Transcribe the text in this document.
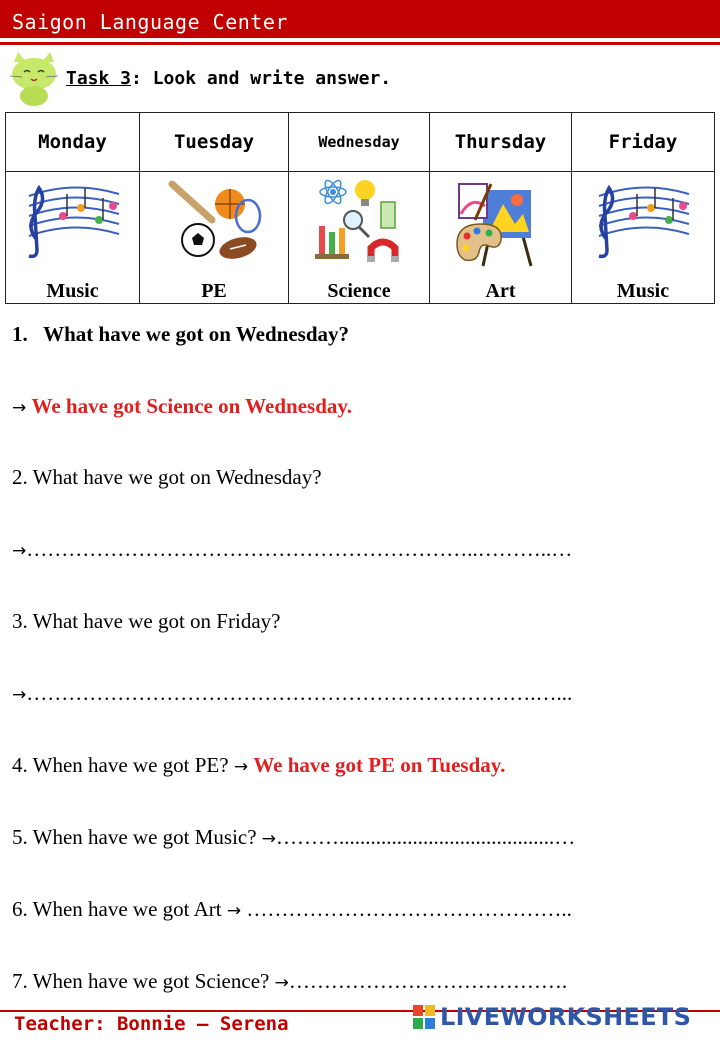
Saigon Language Center
Task 3: Look and write answer.
Monday	Tuesday	Wednesday	Thursday	Friday

Music	PE	Science	Art	Music
1. What have we got on Wednesday?
→ We have got Science on Wednesday.
2. What have we got on Wednesday?
→………………………………………………………..………..…
3. What have we got on Friday?
→……………………………………………………………….…...
4. When have we got PE? → We have got PE on Tuesday.
5. When have we got Music? →……….........................................…
6. When have we got Art → ………………………………………..
7. When have we got Science? →………………………………….
Teacher: Bonnie – Serena	LIVEWORKSHEETS
